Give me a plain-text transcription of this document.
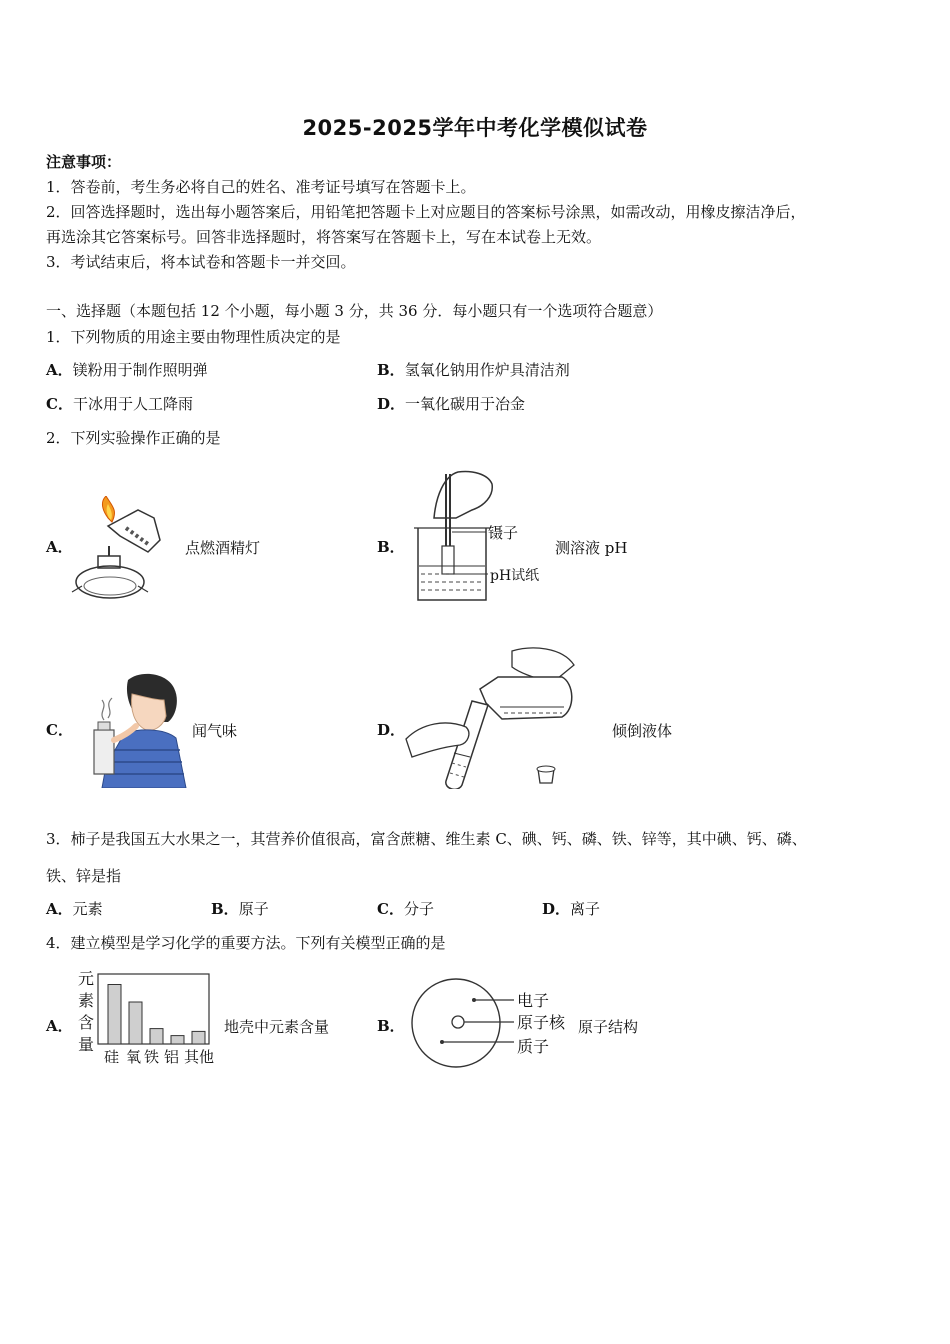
2025-2025学年中考化学模似试卷
注意事项：
1．答卷前，考生务必将自己的姓名、准考证号填写在答题卡上。
2．回答选择题时，选出每小题答案后，用铅笔把答题卡上对应题目的答案标号涂黑，如需改动，用橡皮擦洁净后，
再选涂其它答案标号。回答非选择题时，将答案写在答题卡上，写在本试卷上无效。
3．考试结束后，将本试卷和答题卡一并交回。
一、选择题（本题包括 12 个小题，每小题 3 分，共 36 分．每小题只有一个选项符合题意）
1．下列物质的用途主要由物理性质决定的是
A．镁粉用于制作照明弹	B．氢氧化钠用作炉具清洁剂
C．干冰用于人工降雨	D．一氧化碳用于冶金
2．下列实验操作正确的是
A．	点燃酒精灯	B．
镊子
pH试纸
测溶液 pH
C．	闻气味	D．	倾倒液体
3．柿子是我国五大水果之一，其营养价值很高，富含蔗糖、维生素 C、碘、钙、磷、铁、锌等，其中碘、钙、磷、
铁、锌是指
A．元素	B．原子	C．分子	D．离子
4．建立模型是学习化学的重要方法。下列有关模型正确的是
A．
元
素
含
量
硅 氧 铁 铝 其他
地壳中元素含量	B．
电子
原子核
质子
原子结构
